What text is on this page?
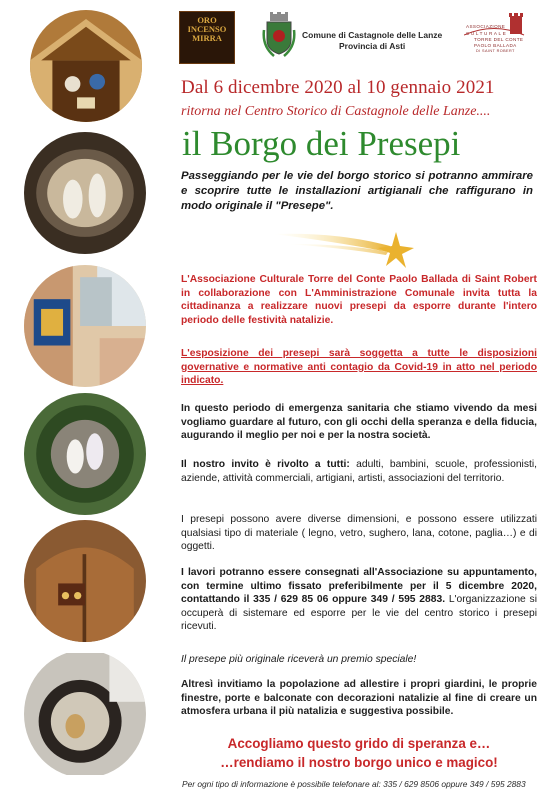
ORO
INCENSO
MIRRA	Comune di Castagnole delle Lanze
Provincia di Asti
ASSOCIAZIONE
CULTURALE
TORRE DEL CONTE
PAOLO BALLADA
DI SAINT ROBERT
Dal 6 dicembre 2020 al 10 gennaio 2021
ritorna nel Centro Storico di Castagnole delle Lanze....
il Borgo dei Presepi
Passeggiando per le vie del borgo storico si potranno ammirare e scoprire tutte le installazioni artigianali che raffigurano in modo originale il "Presepe".
L'Associazione Culturale Torre del Conte Paolo Ballada di Saint Robert in collaborazione con L'Amministrazione Comunale invita tutta la cittadinanza a realizzare nuovi presepi da esporre durante l'intero periodo delle festività natalizie.
L'esposizione dei presepi sarà soggetta a tutte le disposizioni governative e normative anti contagio da Covid-19 in atto nel periodo indicato.
In questo periodo di emergenza sanitaria che stiamo vivendo da mesi vogliamo guardare al futuro, con gli occhi della speranza e della fiducia, augurando il meglio per noi e per la nostra società.
Il nostro invito è rivolto a tutti: adulti, bambini, scuole, professionisti, aziende, attività commerciali, artigiani, artisti, associazioni del territorio.
I presepi possono avere diverse dimensioni, e possono essere utilizzati qualsiasi tipo di materiale ( legno, vetro, sughero, lana, cotone, paglia…) e di oggetti.
I lavori potranno essere consegnati all'Associazione su appuntamento, con termine ultimo fissato preferibilmente per il 5 dicembre 2020, contattando il 335 / 629 85 06 oppure 349 / 595 2883. L'organizzazione si occuperà di sistemare ed esporre per le vie del centro storico i presepi ricevuti.
Il presepe più originale riceverà un premio speciale!
Altresì invitiamo la popolazione ad allestire i propri giardini, le proprie finestre, porte e balconate con decorazioni natalizie al fine di creare un atmosfera urbana il più natalizia e suggestiva possibile.
Accogliamo questo grido di speranza e…
…rendiamo il nostro borgo unico e magico!
Per ogni tipo di informazione è possibile telefonare al: 335 / 629 8506 oppure 349 / 595 2883
